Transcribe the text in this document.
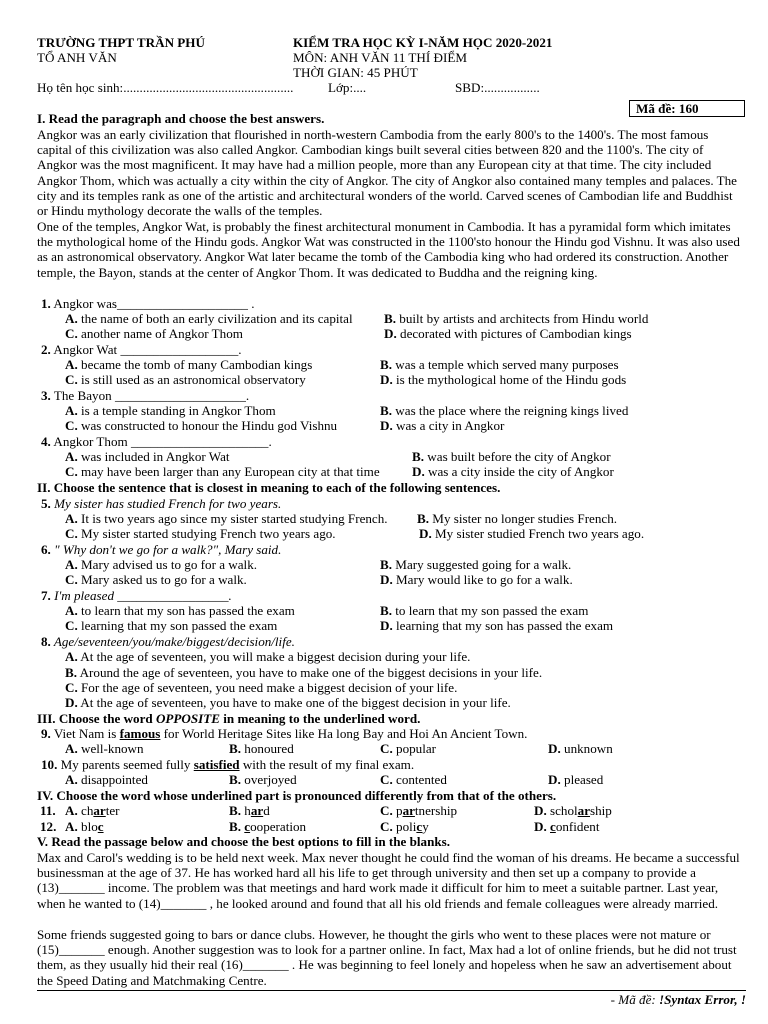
TRƯỜNG THPT TRẦN PHÚ
TỔ ANH VĂN
KIỂM TRA HỌC KỲ I-NĂM HỌC 2020-2021
MÔN: ANH VĂN 11 THÍ ĐIỂM
THỜI GIAN: 45 PHÚT
Họ tên học sinh:....................................................	Lớp:....	SBD:.................
Mã đề: 160
I. Read the paragraph and choose the best answers.
Angkor was an early civilization that flourished in north-western Cambodia from the early 800's to the 1400's. The most famous capital of this civilization was also called Angkor. Cambodian kings built several cities between 820 and the 1100's. The city of Angkor was the most magnificent. It may have had a million people, more than any European city at that time. The city included Angkor Thom, which was actually a city within the city of Angkor. The city of Angkor also contained many temples and palaces. The city and its temples rank as one of the artistic and architectural wonders of the world. Carved scenes of Cambodian life and Buddhist or Hindu mythology decorate the walls of the temples.
One of the temples, Angkor Wat, is probably the finest architectural monument in Cambodia. It has a pyramidal form which imitates the mythological home of the Hindu gods. Angkor Wat was constructed in the 1100'sto honour the Hindu god Vishnu. It was also used as an astronomical observatory. Angkor Wat later became the tomb of the Cambodia king who had ordered its construction. Another temple, the Bayon, stands at the center of Angkor Thom. It was dedicated to Buddha and the reigning king.
1. Angkor was____________________ .
A. the name of both an early civilization and its capital B. built by artists and architects from Hindu world
C. another name of Angkor Thom	D. decorated with pictures of Cambodian kings
2. Angkor Wat __________________.
A. became the tomb of many Cambodian kings	B. was a temple which served many purposes
C. is still used as an astronomical observatory	D. is the mythological home of the Hindu gods
3. The Bayon ____________________.
A. is a temple standing in Angkor Thom	B. was the place where the reigning kings lived
C. was constructed to honour the Hindu god Vishnu	D. was a city in Angkor
4. Angkor Thom _____________________.
A. was included in Angkor Wat	B. was built before the city of Angkor
C. may have been larger than any European city at that time D. was a city inside the city of Angkor
II. Choose the sentence that is closest in meaning to each of the following sentences.
5. My sister has studied French for two years.
A. It is two years ago since my sister started studying French. B. My sister no longer studies French.
C. My sister started studying French two years ago.	D. My sister studied French two years ago.
6. " Why don't we go for a walk?", Mary said.
A. Mary advised us to go for a walk.	B. Mary suggested going for a walk.
C. Mary asked us to go for a walk.	D. Mary would like to go for a walk.
7. I'm pleased _________________.
A. to learn that my son has passed the exam	B. to learn that my son passed the exam
C. learning that my son passed the exam	D. learning that my son has passed the exam
8. Age/seventeen/you/make/biggest/decision/life.
A. At the age of seventeen, you will make a biggest decision during your life.
B. Around the age of seventeen, you have to make one of the biggest decisions in your life.
C. For the age of seventeen, you need make a biggest decision of your life.
D. At the age of seventeen, you have to make one of the biggest decision in your life.
III. Choose the word OPPOSITE in meaning to the underlined word.
9. Viet Nam is famous for World Heritage Sites like Ha long Bay and Hoi An Ancient Town.
A. well-known	B. honoured	C. popular	D. unknown
10. My parents seemed fully satisfied with the result of my final exam.
A. disappointed	B. overjoyed	C. contented	D. pleased
IV. Choose the word whose underlined part is pronounced differently from that of the others.
11. A. charter	B. hard	C. partnership	D. scholarship
12. A. bloc	B. cooperation	C. policy	D. confident
V. Read the passage below and choose the best options to fill in the blanks.
Max and Carol's wedding is to be held next week. Max never thought he could find the woman of his dreams. He became a successful businessman at the age of 37. He has worked hard all his life to get through university and then set up a company to provide a (13)_______ income. The problem was that meetings and hard work made it difficult for him to meet a suitable partner. Last year, when he wanted to (14)_______ , he looked around and found that all his old friends and female colleagues were already married.
Some friends suggested going to bars or dance clubs. However, he thought the girls who went to these places were not mature or (15)_______ enough. Another suggestion was to look for a partner online. In fact, Max had a lot of online friends, but he did not trust them, as they usually hid their real (16)_______ . He was beginning to feel lonely and hopeless when he saw an advertisement about the Speed Dating and Matchmaking Centre.
- Mã đề: !Syntax Error, !
